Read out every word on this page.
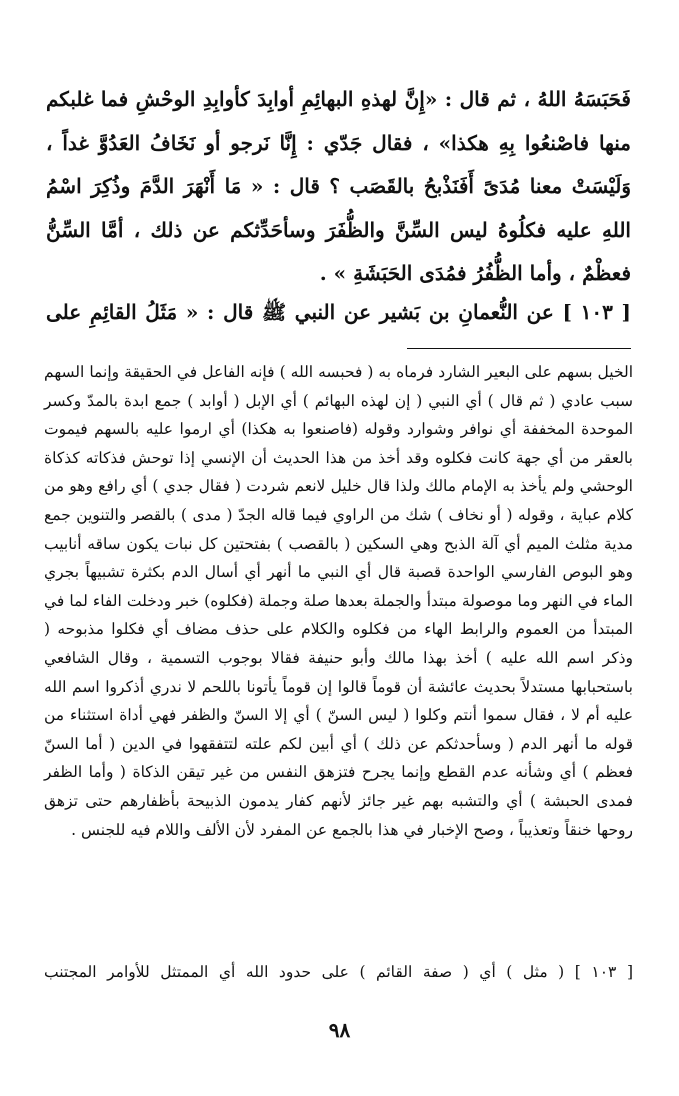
فَحَبَسَهُ اللهُ ، ثم قال : «إِنَّ لهذهِ البهائِمِ أوابِدَ كأوابِدِ الوحْشِ فما غلبكم منها فاصْنعُوا بِهِ هكذا» ، فقال جَدّي : إِنَّا نَرجو أو نَخَافُ العَدُوَّ غداً ، وَلَيْسَتْ معنا مُدَىً أَفَنَذْبحُ بالقَصَب ؟ قال : « مَا أَنْهَرَ الدَّمَ وذُكِرَ اسْمُ اللهِ عليه فكلُوهُ ليس السِّنَّ والظُّفَرَ وسأحَدِّثكم عن ذلك ، أمَّا السِّنُّ فعظْمٌ ، وأما الظُّفُرُ فمُدَى الحَبَشَةِ » .

[ ١٠٣ ] عن النُّعمانِ بن بَشير عن النبي ﷺ قال : « مَثَلُ القائِمِ على

الخيل بسهم على البعير الشارد فرماه به ( فحبسه الله ) فإنه الفاعل في الحقيقة وإنما السهم سبب عادي ( ثم قال ) أي النبي ( إن لهذه البهائم ) أي الإبل ( أوابد ) جمع ابدة بالمدّ وكسر الموحدة المخففة أي نوافر وشوارد وقوله (فاصنعوا به هكذا) أي ارموا عليه بالسهم فيموت بالعقر من أي جهة كانت فكلوه وقد أخذ من هذا الحديث أن الإنسي إذا توحش فذكاته كذكاة الوحشي ولم يأخذ به الإمام مالك ولذا قال خليل لانعم شردت ( فقال جدي ) أي رافع وهو من كلام عباية ، وقوله ( أو نخاف ) شك من الراوي فيما قاله الجدّ ( مدى ) بالقصر والتنوين جمع مدية مثلث الميم أي آلة الذبح وهي السكين ( بالقصب ) بفتحتين كل نبات يكون ساقه أنابيب وهو البوص الفارسي الواحدة قصبة قال أي النبي ما أنهر أي أسال الدم بكثرة تشبيهاً بجري الماء في النهر وما موصولة مبتدأ والجملة بعدها صلة وجملة (فكلوه) خبر ودخلت الفاء لما في المبتدأ من العموم والرابط الهاء من فكلوه والكلام على حذف مضاف أي فكلوا مذبوحه ( وذكر اسم الله عليه ) أخذ بهذا مالك وأبو حنيفة فقالا بوجوب التسمية ، وقال الشافعي باستحبابها مستدلاً بحديث عائشة أن قوماً قالوا إن قوماً يأتونا باللحم لا ندري أذكروا اسم الله عليه أم لا ، فقال سموا أنتم وكلوا ( ليس السنّ ) أي إلا السنّ والظفر فهي أداة استثناء من قوله ما أنهر الدم ( وسأحدثكم عن ذلك ) أي أبين لكم علته لتتفقهوا في الدين ( أما السنّ فعظم ) أي وشأنه عدم القطع وإنما يجرح فتزهق النفس من غير تيقن الذكاة ( وأما الظفر فمدى الحبشة ) أي والتشبه بهم غير جائز لأنهم كفار يدمون الذبيحة بأظفارهم حتى تزهق روحها خنقاً وتعذيباً ، وصح الإخبار في هذا بالجمع عن المفرد لأن الألف واللام فيه للجنس .

[ ١٠٣ ] ( مثل ) أي ( صفة القائم ) على حدود الله أي الممتثل للأوامر المجتنب
٩٨
